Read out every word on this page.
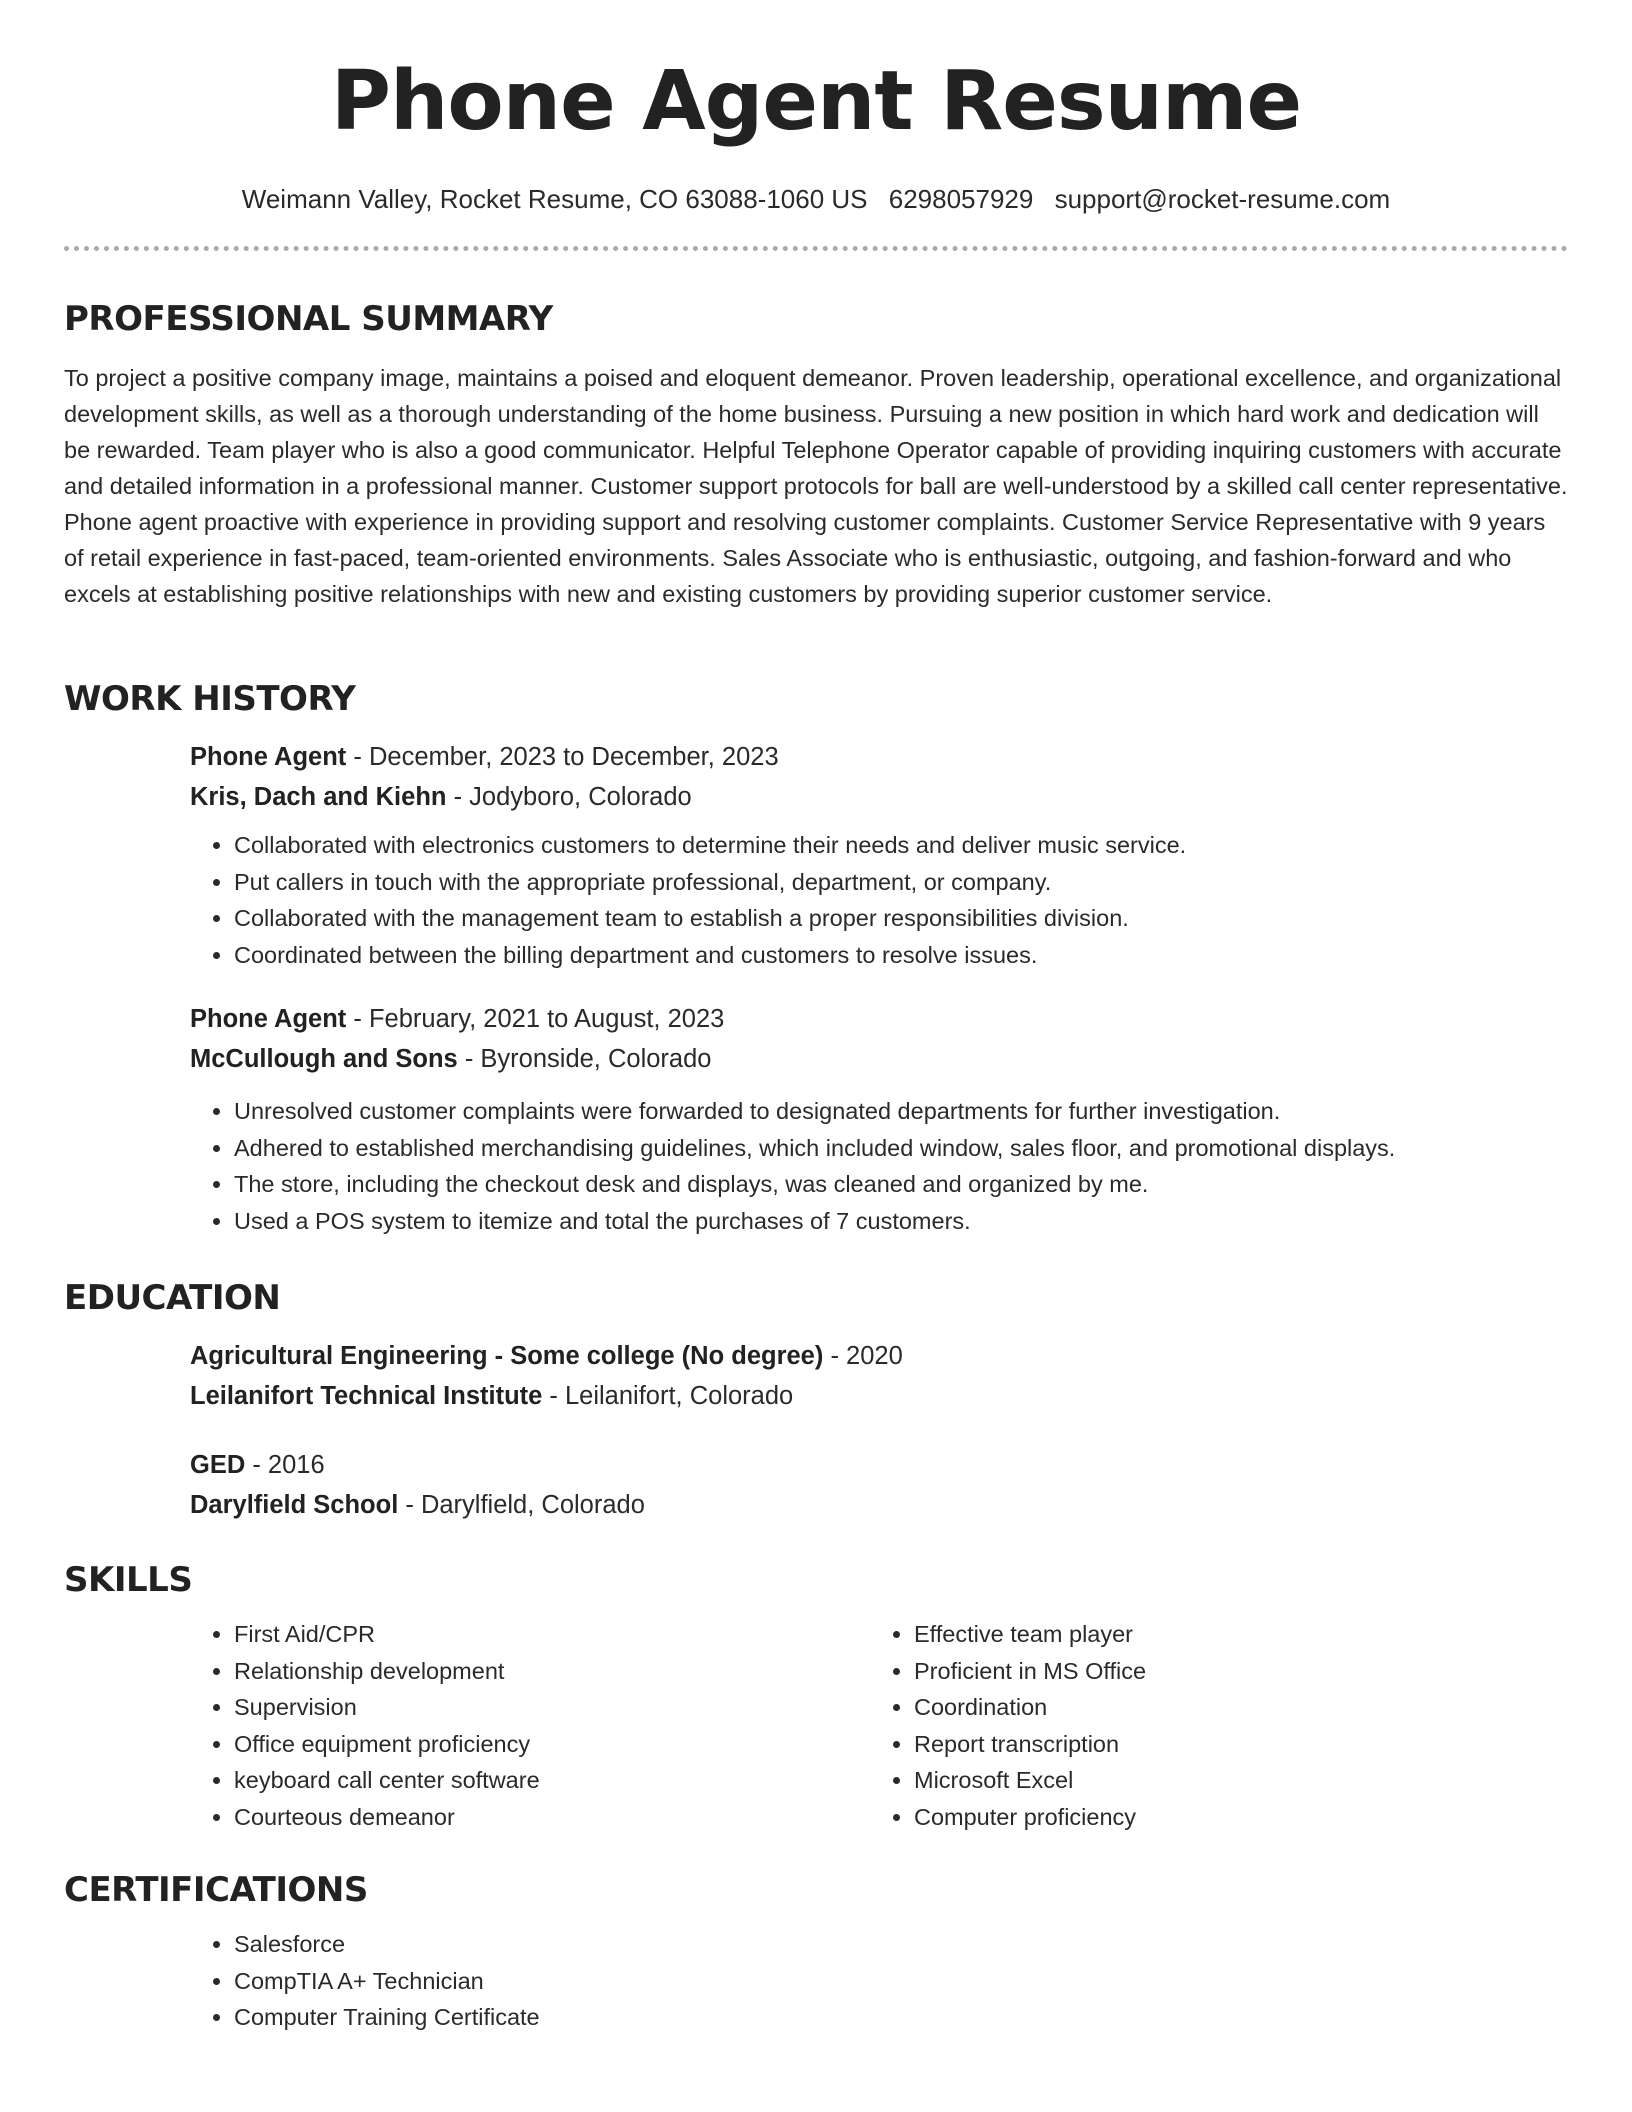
Phone Agent Resume
Weimann Valley, Rocket Resume, CO 63088-1060 US 6298057929 support@rocket-resume.com
PROFESSIONAL SUMMARY

To project a positive company image, maintains a poised and eloquent demeanor. Proven leadership, operational excellence, and organizational development skills, as well as a thorough understanding of the home business. Pursuing a new position in which hard work and dedication will be rewarded. Team player who is also a good communicator. Helpful Telephone Operator capable of providing inquiring customers with accurate and detailed information in a professional manner. Customer support protocols for ball are well-understood by a skilled call center representative. Phone agent proactive with experience in providing support and resolving customer complaints. Customer Service Representative with 9 years of retail experience in fast-paced, team-oriented environments. Sales Associate who is enthusiastic, outgoing, and fashion-forward and who excels at establishing positive relationships with new and existing customers by providing superior customer service.

WORK HISTORY
Phone Agent - December, 2023 to December, 2023
Kris, Dach and Kiehn - Jodyboro, Colorado
• Collaborated with electronics customers to determine their needs and deliver music service.
• Put callers in touch with the appropriate professional, department, or company.
• Collaborated with the management team to establish a proper responsibilities division.
• Coordinated between the billing department and customers to resolve issues.
Phone Agent - February, 2021 to August, 2023
McCullough and Sons - Byronside, Colorado
• Unresolved customer complaints were forwarded to designated departments for further investigation.
• Adhered to established merchandising guidelines, which included window, sales floor, and promotional displays.
• The store, including the checkout desk and displays, was cleaned and organized by me.
• Used a POS system to itemize and total the purchases of 7 customers.
EDUCATION
Agricultural Engineering - Some college (No degree) - 2020
Leilanifort Technical Institute - Leilanifort, Colorado
GED - 2016
Darylfield School - Darylfield, Colorado
SKILLS
• First Aid/CPR
• Relationship development
• Supervision
• Office equipment proficiency
• keyboard call center software
• Courteous demeanor
• Effective team player
• Proficient in MS Office
• Coordination
• Report transcription
• Microsoft Excel
• Computer proficiency
CERTIFICATIONS
• Salesforce
• CompTIA A+ Technician
• Computer Training Certificate
